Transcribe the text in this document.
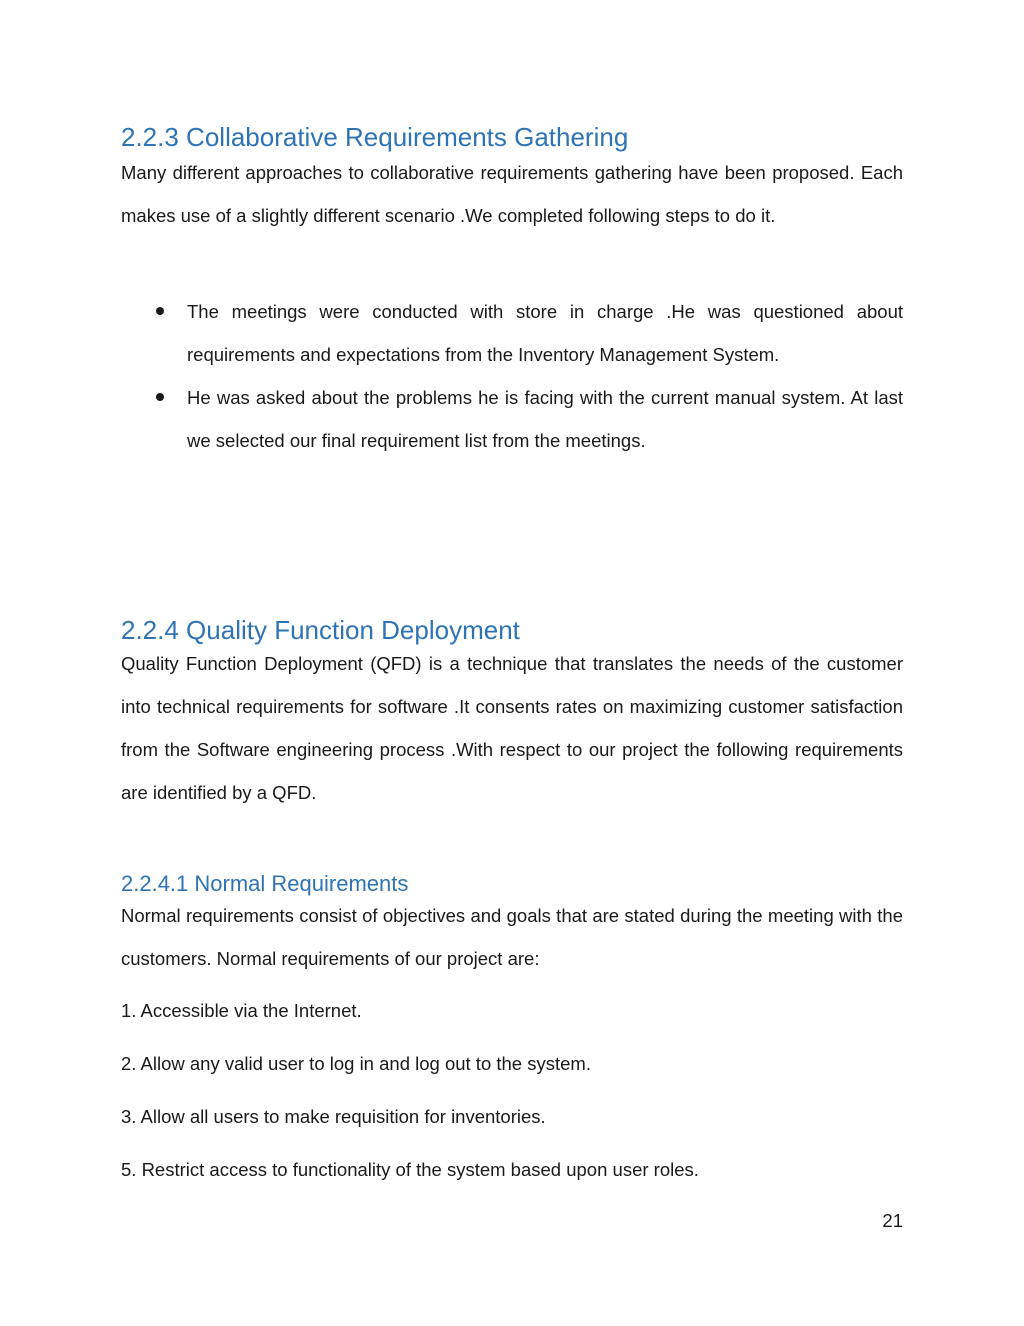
2.2.3 Collaborative Requirements Gathering

Many different approaches to collaborative requirements gathering have been proposed. Each makes use of a slightly different scenario .We completed following steps to do it.

The meetings were conducted with store in charge .He was questioned about requirements and expectations from the Inventory Management System.
He was asked about the problems he is facing with the current manual system. At last we selected our final requirement list from the meetings.
2.2.4 Quality Function Deployment

Quality Function Deployment (QFD) is a technique that translates the needs of the customer into technical requirements for software .It consents rates on maximizing customer satisfaction from the Software engineering process .With respect to our project the following requirements are identified by a QFD.

2.2.4.1 Normal Requirements

Normal requirements consist of objectives and goals that are stated during the meeting with the customers. Normal requirements of our project are:

1. Accessible via the Internet.

2. Allow any valid user to log in and log out to the system.

3. Allow all users to make requisition for inventories.

5. Restrict access to functionality of the system based upon user roles.

21
